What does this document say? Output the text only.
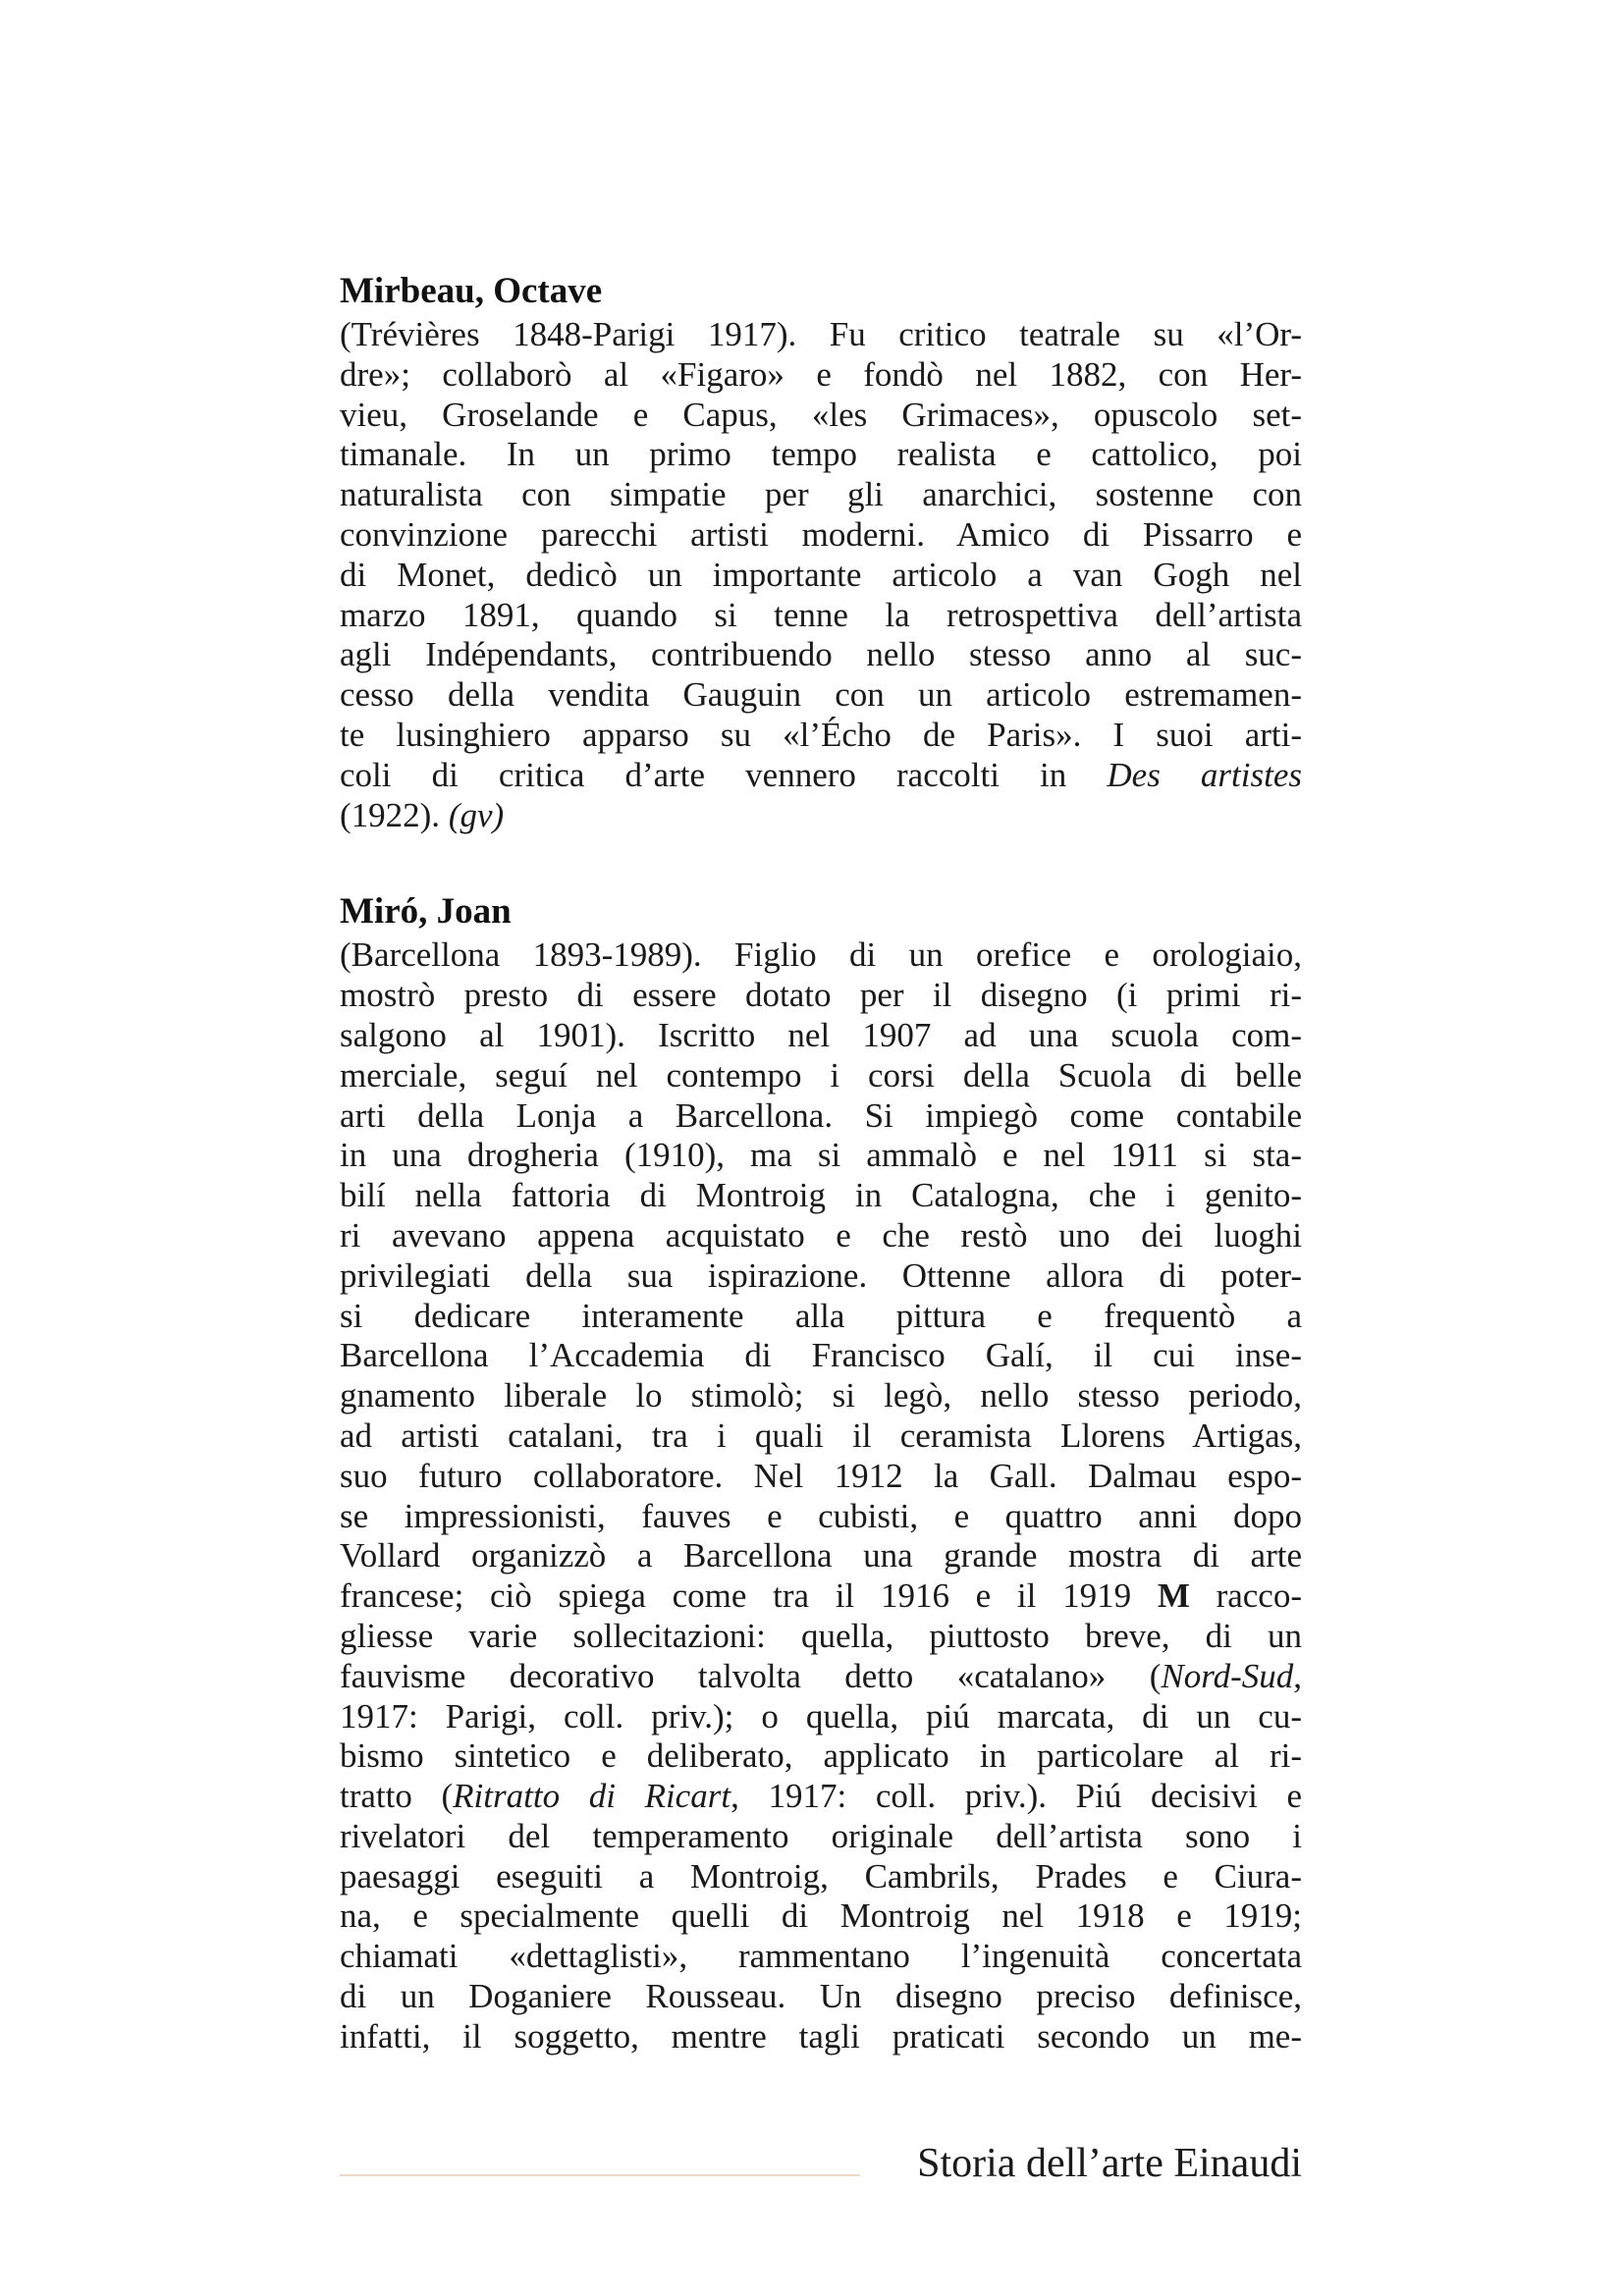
Mirbeau, Octave

(Trévières 1848-Parigi 1917). Fu critico teatrale su «l’Or-
dre»; collaborò al «Figaro» e fondò nel 1882, con Her-
vieu, Groselande e Capus, «les Grimaces», opuscolo set-
timanale. In un primo tempo realista e cattolico, poi
naturalista con simpatie per gli anarchici, sostenne con
convinzione parecchi artisti moderni. Amico di Pissarro e
di Monet, dedicò un importante articolo a van Gogh nel
marzo 1891, quando si tenne la retrospettiva dell’artista
agli Indépendants, contribuendo nello stesso anno al suc-
cesso della vendita Gauguin con un articolo estremamen-
te lusinghiero apparso su «l’Écho de Paris». I suoi arti-
coli di critica d’arte vennero raccolti in Des artistes
(1922). (gv)

Miró, Joan

(Barcellona 1893-1989). Figlio di un orefice e orologiaio,
mostrò presto di essere dotato per il disegno (i primi ri-
salgono al 1901). Iscritto nel 1907 ad una scuola com-
merciale, seguí nel contempo i corsi della Scuola di belle
arti della Lonja a Barcellona. Si impiegò come contabile
in una drogheria (1910), ma si ammalò e nel 1911 si sta-
bilí nella fattoria di Montroig in Catalogna, che i genito-
ri avevano appena acquistato e che restò uno dei luoghi
privilegiati della sua ispirazione. Ottenne allora di poter-
si dedicare interamente alla pittura e frequentò a
Barcellona l’Accademia di Francisco Galí, il cui inse-
gnamento liberale lo stimolò; si legò, nello stesso periodo,
ad artisti catalani, tra i quali il ceramista Llorens Artigas,
suo futuro collaboratore. Nel 1912 la Gall. Dalmau espo-
se impressionisti, fauves e cubisti, e quattro anni dopo
Vollard organizzò a Barcellona una grande mostra di arte
francese; ciò spiega come tra il 1916 e il 1919 M racco-
gliesse varie sollecitazioni: quella, piuttosto breve, di un
fauvisme decorativo talvolta detto «catalano» (Nord-Sud,
1917: Parigi, coll. priv.); o quella, piú marcata, di un cu-
bismo sintetico e deliberato, applicato in particolare al ri-
tratto (Ritratto di Ricart, 1917: coll. priv.). Piú decisivi e
rivelatori del temperamento originale dell’artista sono i
paesaggi eseguiti a Montroig, Cambrils, Prades e Ciura-
na, e specialmente quelli di Montroig nel 1918 e 1919;
chiamati «dettaglisti», rammentano l’ingenuità concertata
di un Doganiere Rousseau. Un disegno preciso definisce,
infatti, il soggetto, mentre tagli praticati secondo un me-

Storia dell’arte Einaudi
